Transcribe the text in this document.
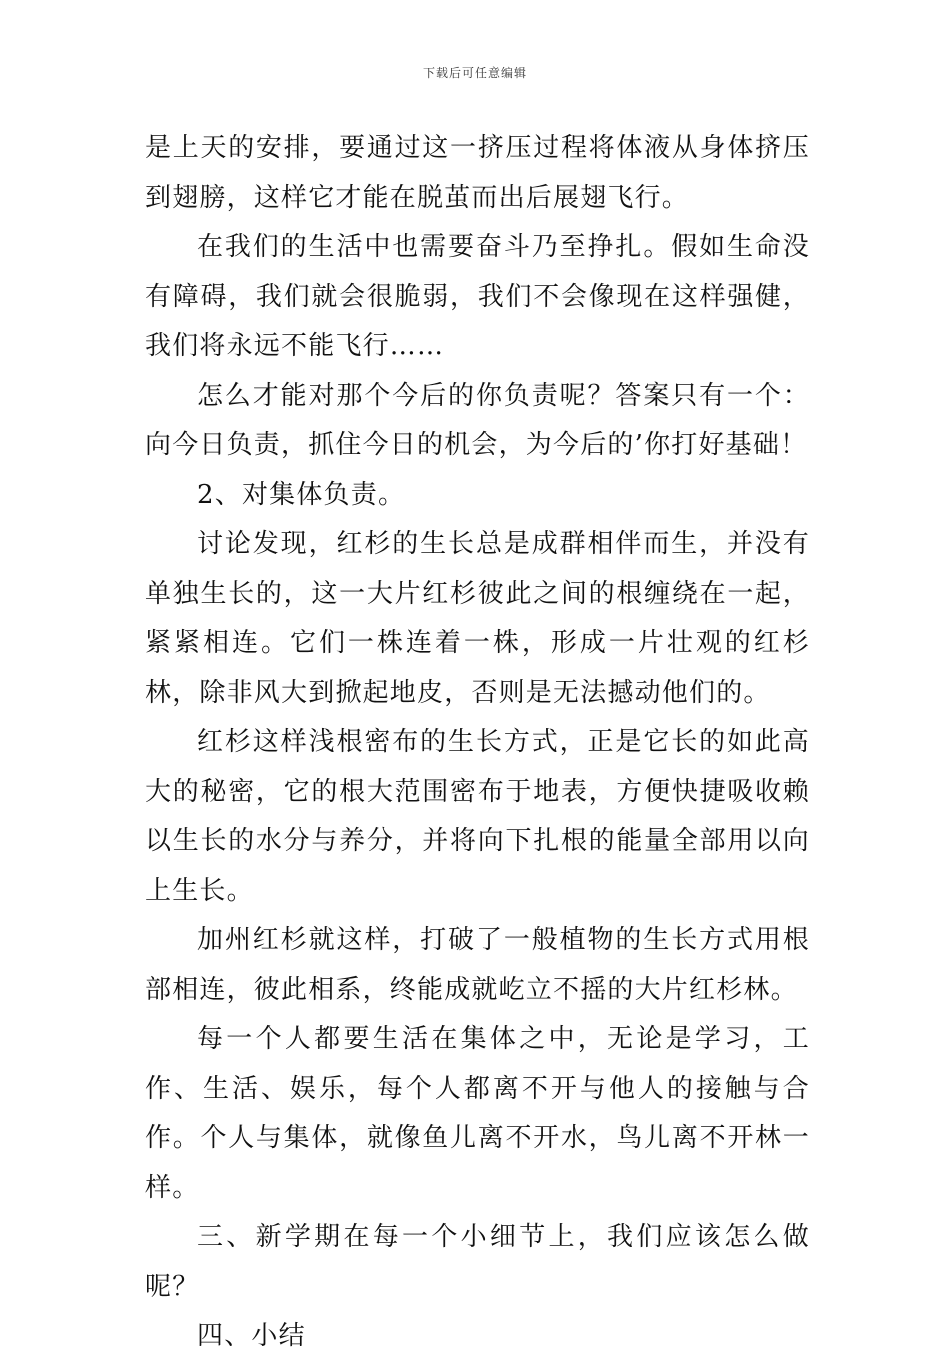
下载后可任意编辑

是上天的安排，要通过这一挤压过程将体液从身体挤压到翅膀，这样它才能在脱茧而出后展翅飞行。

在我们的生活中也需要奋斗乃至挣扎。假如生命没有障碍，我们就会很脆弱，我们不会像现在这样强健，我们将永远不能飞行……

怎么才能对那个今后的你负责呢？答案只有一个：向今日负责，抓住今日的机会，为今后的’你打好基础！

2、对集体负责。

讨论发现，红杉的生长总是成群相伴而生，并没有单独生长的，这一大片红杉彼此之间的根缠绕在一起，紧紧相连。它们一株连着一株，形成一片壮观的红杉林，除非风大到掀起地皮，否则是无法撼动他们的。

红杉这样浅根密布的生长方式，正是它长的如此高大的秘密，它的根大范围密布于地表，方便快捷吸收赖以生长的水分与养分，并将向下扎根的能量全部用以向上生长。

加州红杉就这样，打破了一般植物的生长方式用根部相连，彼此相系，终能成就屹立不摇的大片红杉林。

每一个人都要生活在集体之中，无论是学习，工作、生活、娱乐，每个人都离不开与他人的接触与合作。个人与集体，就像鱼儿离不开水，鸟儿离不开林一样。

三、新学期在每一个小细节上，我们应该怎么做呢？

四、小结
